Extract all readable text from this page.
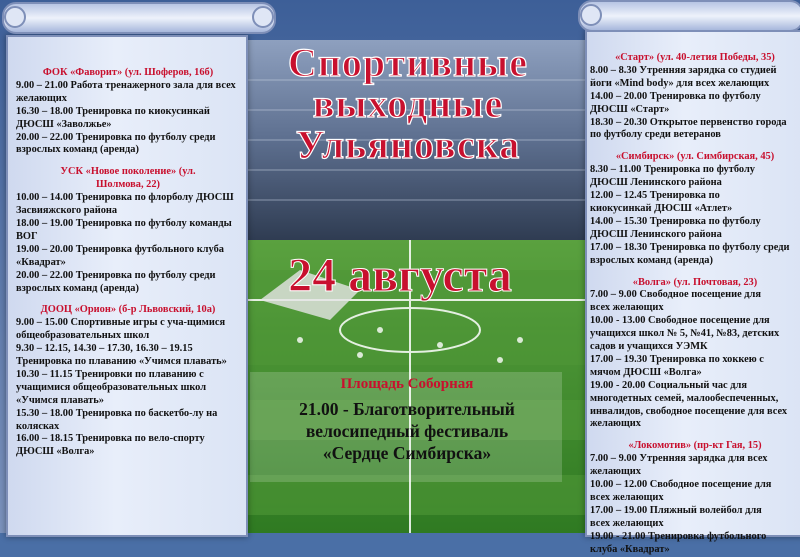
ФОК «Фаворит» (ул. Шоферов, 16б)
9.00 – 21.00 Работа тренажерного зала для всех желающих
16.30 – 18.00 Тренировка по киокусинкай ДЮСШ «Заволжье»
20.00 – 22.00 Тренировка по футболу среди взрослых команд (аренда)
УСК «Новое поколение» (ул.
Шолмова, 22)
10.00 – 14.00 Тренировка по флорболу ДЮСШ Засвияжского района
18.00 – 19.00 Тренировка по футболу команды ВОГ
19.00 – 20.00 Тренировка футбольного клуба «Квадрат»
20.00 – 22.00 Тренировка по футболу среди взрослых команд (аренда)
ДООЦ «Орион» (б-р Львовский, 10а)
9.00 – 15.00 Спортивные игры с уча-щимися общеобразовательных школ
9.30 – 12.15, 14.30 – 17.30, 16.30 – 19.15 Тренировка по плаванию «Учимся плавать»
10.30 – 11.15 Тренировки по плаванию с учащимися общеобразовательных школ «Учимся плавать»
15.30 – 18.00 Тренировка по баскетбо-лу на колясках
16.00 – 18.15 Тренировка по вело-спорту ДЮСШ «Волга»
«Старт» (ул. 40-летия Победы, 35)
8.00 – 8.30 Утренняя зарядка со студией
йоги «Mind body» для всех желающих
14.00 – 20.00 Тренировка по футболу
ДЮСШ «Старт»
18.30 – 20.30 Открытое первенство города
по футболу среди ветеранов
«Симбирск» (ул. Симбирская, 45)
8.30 – 11.00 Тренировка по футболу
ДЮСШ Ленинского района
12.00 – 12.45 Тренировка по
киокусинкай ДЮСШ «Атлет»
14.00 – 15.30 Тренировка по футболу
ДЮСШ Ленинского района
17.00 – 18.30 Тренировка по футболу среди
взрослых команд (аренда)
«Волга» (ул. Почтовая, 23)
7.00 – 9.00 Свободное посещение для
всех желающих
10.00 - 13.00 Свободное посещение для
учащихся школ № 5, №41, №83, детских
садов и учащихся УЭМК
17.00 – 19.30 Тренировка по хоккею с
мячом ДЮСШ «Волга»
19.00 - 20.00 Социальный час для
многодетных семей, малообеспеченных,
инвалидов, свободное посещение для всех
желающих
«Локомотив» (пр-кт Гая, 15)
7.00 – 9.00 Утренняя зарядка для всех
желающих
10.00 – 12.00 Свободное посещение для
всех желающих
17.00 – 19.00 Пляжный волейбол для
всех желающих
19.00 - 21.00 Тренировка футбольного
клуба «Квадрат»
Спортивные
выходные
Ульяновска
24 августа
Площадь Соборная
21.00 - Благотворительный
велосипедный фестиваль
«Сердце Симбирска»
